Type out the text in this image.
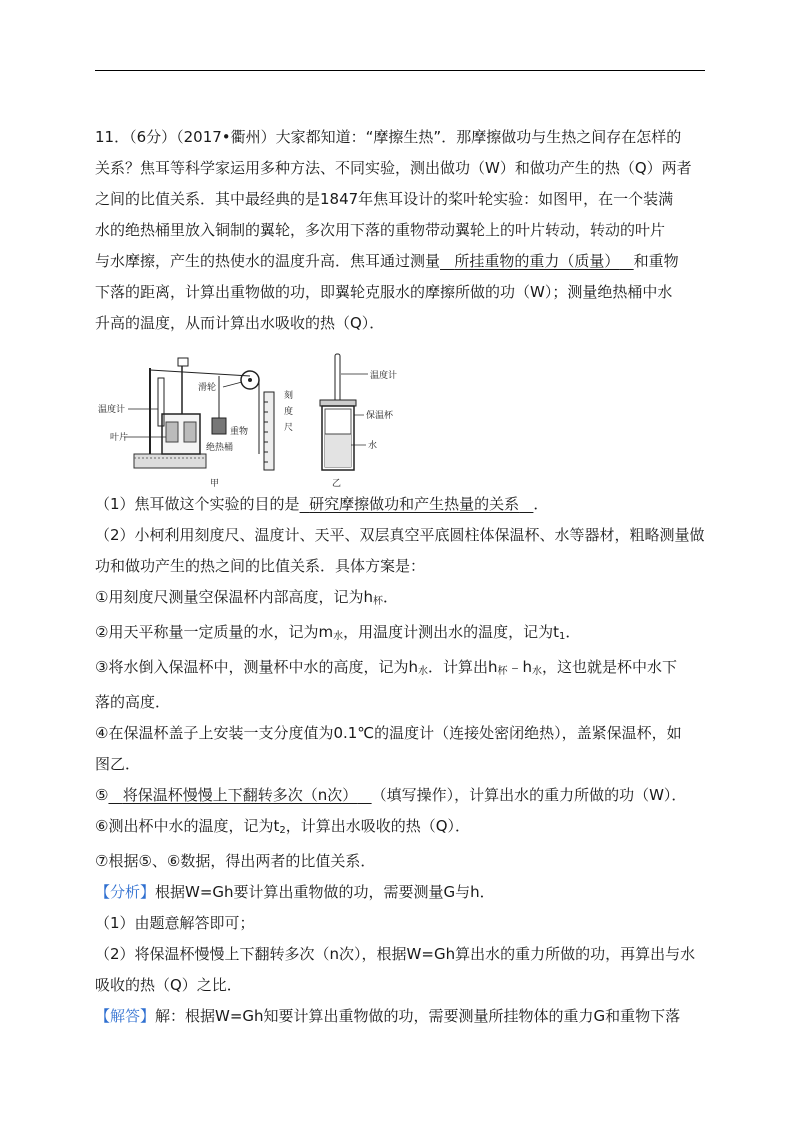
11．（6分）（2017•衢州）大家都知道：“摩擦生热”．那摩擦做功与生热之间存在怎样的

关系？焦耳等科学家运用多种方法、不同实验，测出做功（W）和做功产生的热（Q）两者

之间的比值关系．其中最经典的是1847年焦耳设计的桨叶轮实验：如图甲，在一个装满

水的绝热桶里放入铜制的翼轮，多次用下落的重物带动翼轮上的叶片转动，转动的叶片

与水摩擦，产生的热使水的温度升高．焦耳通过测量 所挂重物的重力（质量） 和重物

下落的距离，计算出重物做的功，即翼轮克服水的摩擦所做的功（W）；测量绝热桶中水

升高的温度，从而计算出水吸收的热（Q）．

（1）焦耳做这个实验的目的是 研究摩擦做功和产生热量的关系 ．

（2）小柯利用刻度尺、温度计、天平、双层真空平底圆柱体保温杯、水等器材，粗略测量做

功和做功产生的热之间的比值关系．具体方案是：

①用刻度尺测量空保温杯内部高度，记为$h_杯$．

②用天平称量一定质量的水，记为$m_水$，用温度计测出水的温度，记为$t_1$．

③将水倒入保温杯中，测量杯中水的高度，记为$h_水$．计算出$h_杯﹣h_水$，这也就是杯中水下

落的高度．

④在保温杯盖子上安装一支分度值为0.1℃的温度计（连接处密闭绝热），盖紧保温杯，如

图乙．

⑤ 将保温杯慢慢上下翻转多次（n次） （填写操作），计算出水的重力所做的功（W）．

⑥测出杯中水的温度，记为$t_2$，计算出水吸收的热（Q）．

⑦根据⑤、⑥数据，得出两者的比值关系．

【分析】根据W=Gh要计算出重物做的功，需要测量G与h．

（1）由题意解答即可；

（2）将保温杯慢慢上下翻转多次（n次），根据W=Gh算出水的重力所做的功，再算出与水

吸收的热（Q）之比．

【解答】解：根据W=Gh知要计算出重物做的功，需要测量所挂物体的重力G和重物下落

温度计
叶片
滑轮
刻
度
尺
重物
绝热桶
甲
温度计
保温杯
水
乙
